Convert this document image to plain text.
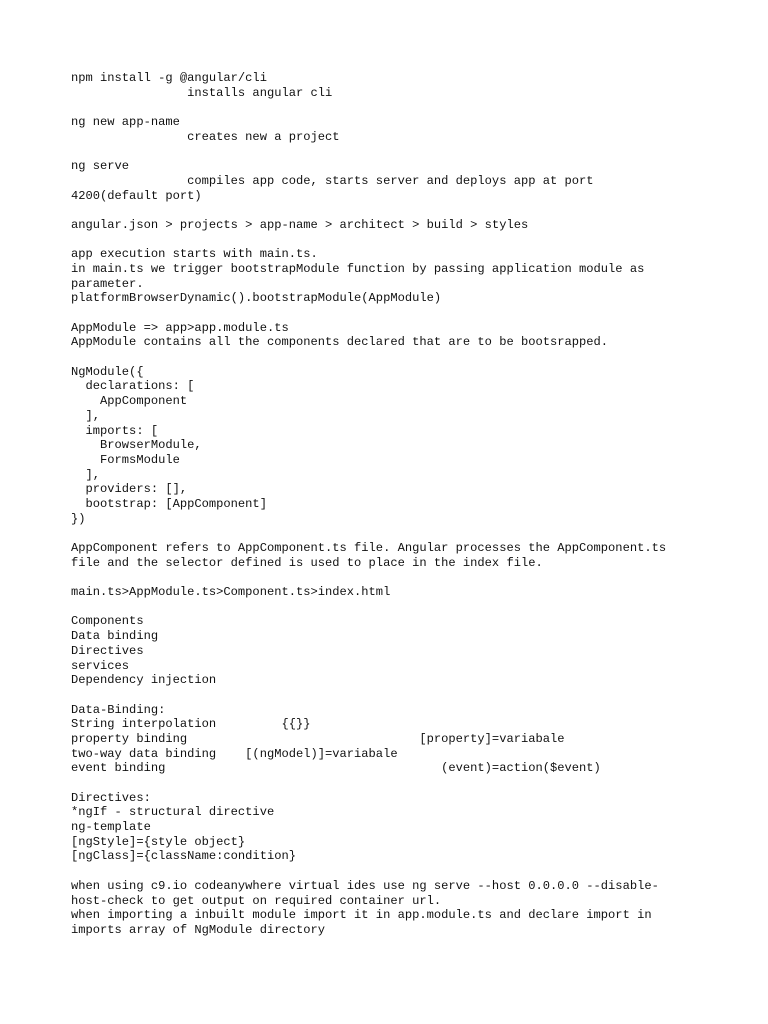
npm install -g @angular/cli
installs angular cli

ng new app-name
creates new a project

ng serve
compiles app code, starts server and deploys app at port
4200(default port)

angular.json > projects > app-name > architect > build > styles

app execution starts with main.ts.
in main.ts we trigger bootstrapModule function by passing application module as
parameter.
platformBrowserDynamic().bootstrapModule(AppModule)

AppModule => app>app.module.ts
AppModule contains all the components declared that are to be bootsrapped.

NgModule({
declarations: [
AppComponent
],
imports: [
BrowserModule,
FormsModule
],
providers: [],
bootstrap: [AppComponent]
})

AppComponent refers to AppComponent.ts file. Angular processes the AppComponent.ts
file and the selector defined is used to place in the index file.

main.ts>AppModule.ts>Component.ts>index.html

Components
Data binding
Directives
services
Dependency injection

Data-Binding:
String interpolation         {{}}
property binding                                [property]=variabale
two-way data binding    [(ngModel)]=variabale
event binding                                      (event)=action($event)

Directives:
*ngIf - structural directive
ng-template
[ngStyle]={style object}
[ngClass]={className:condition}

when using c9.io codeanywhere virtual ides use ng serve --host 0.0.0.0 --disable-
host-check to get output on required container url.
when importing a inbuilt module import it in app.module.ts and declare import in
imports array of NgModule directory
